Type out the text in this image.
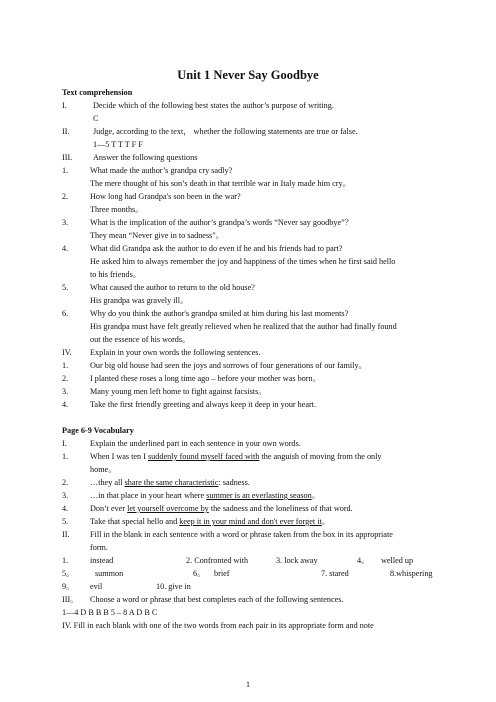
Unit 1 Never Say Goodbye
Text comprehension
I.	Decide which of the following best states the author’s purpose of writing.
C
II.	Judge, according to the text， whether the following statements are true or false.
1—5 T T T F F
III.	Answer the following questions
1.	What made the author’s grandpa cry sadly?
The mere thought of his son’s death in that terrible war in Italy made him cry。
2.	How long had Grandpa's son been in the war?
Three months。
3.	What is the implication of the author’s grandpa’s words “Never say goodbye”？
They mean “Never give in to sadness"。
4.	What did Grandpa ask the author to do even if he and his friends had to part?
He asked him to always remember the joy and happiness of the times when he first said hello
to his friends。
5.	What caused the author to return to the old house?
His grandpa was gravely ill。
6.	Why do you think the author's grandpa smiled at him during his last moments?
His grandpa must have felt greatly relieved when he realized that the author had finally found
out the essence of his words。
IV. Explain in your own words the following sentences.
1.	Our big old house had seen the joys and sorrows of four generations of our family。
2.	I planted these roses a long time ago – before your mother was born。
3.	Many young men left home to fight against facsists。
4.	Take the first friendly greeting and always keep it deep in your heart.
Page 6-9 Vocabulary
I.	Explain the underlined part in each sentence in your own words.
1.	When I was ten I suddenly found myself faced with the anguish of moving from the only
home。
2.	…they all share the same characteristic: sadness.
3.	…in that place in your heart where summer is an everlasting season。
4.	Don’t ever let yourself overcome by the sadness and the loneliness of that word.
5.	Take that special hello and keep it in your mind and don't ever forget it。
II.	Fill in the blank in each sentence with a word or phrase taken from the box in its appropriate
form.
1.	instead	2. Confronted with	3. lock away	4。 welled up
5。	summon	6。 brief	7. stared	8.whispering
9。 evil	10. give in
III。 Choose a word or phrase that best completes each of the following sentences.
1—4 D B B B 5 – 8 A D B C
IV. Fill in each blank with one of the two words from each pair in its appropriate form and note
1
